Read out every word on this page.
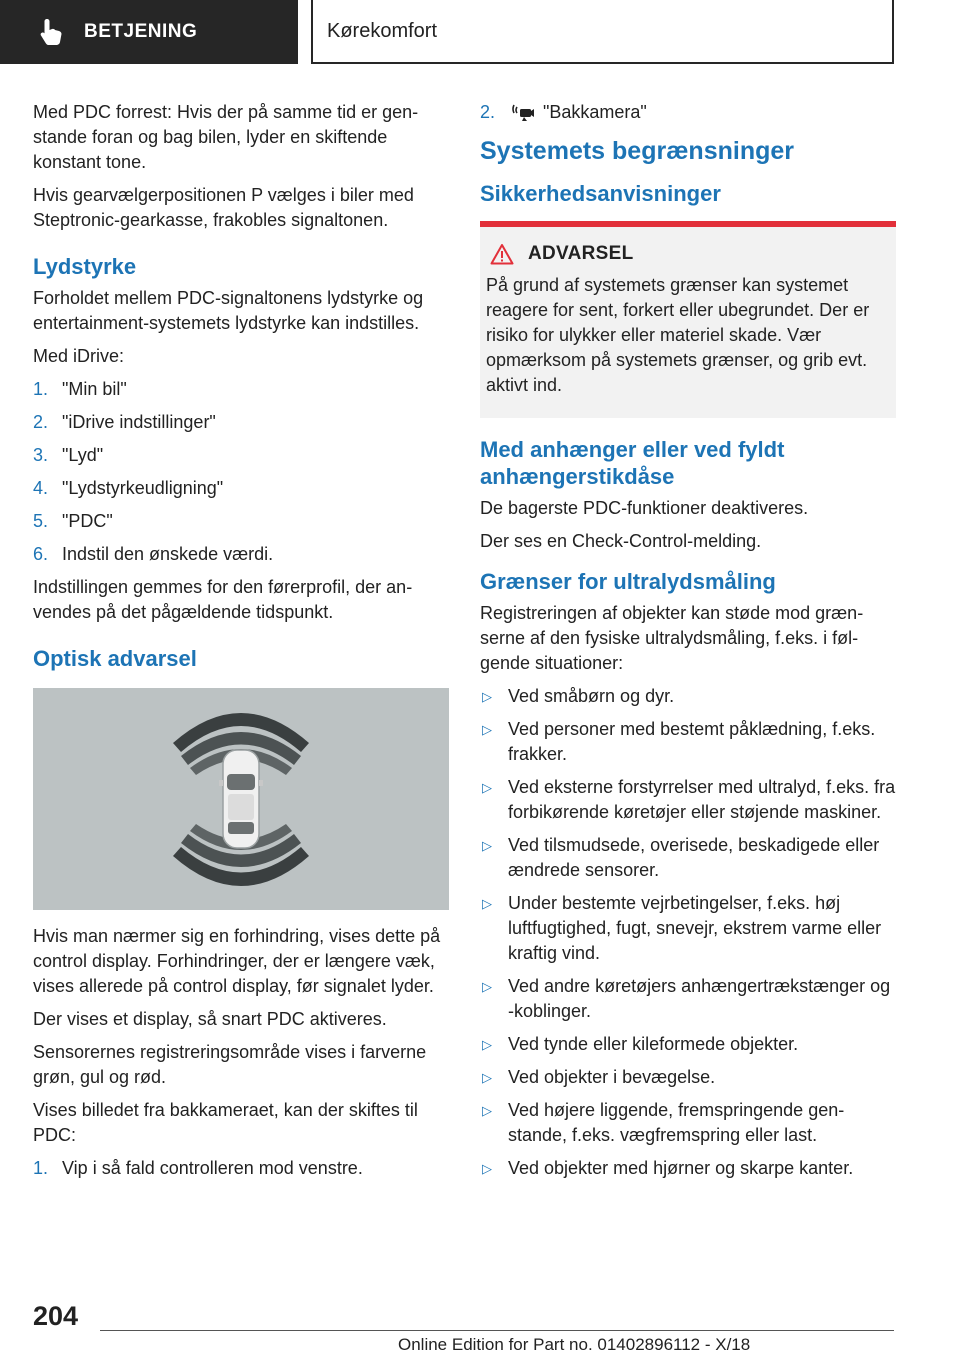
BETJENING	Kørekomfort

Med PDC forrest: Hvis der på samme tid er genstande foran og bag bilen, lyder en skiftende konstant tone.

Hvis gearvælgerpositionen P vælges i biler med Steptronic-gearkasse, frakobles signaltonen.

Lydstyrke

Forholdet mellem PDC-signaltonens lydstyrke og entertainment-systemets lydstyrke kan indstilles.

Med iDrive:

1. "Min bil"
2. "iDrive indstillinger"
3. "Lyd"
4. "Lydstyrkeudligning"
5. "PDC"
6. Indstil den ønskede værdi.

Indstillingen gemmes for den førerprofil, der anvendes på det pågældende tidspunkt.

Optisk advarsel

Hvis man nærmer sig en forhindring, vises dette på control display. Forhindringer, der er længere væk, vises allerede på control display, før signalet lyder.

Der vises et display, så snart PDC aktiveres.

Sensorernes registreringsområde vises i farverne grøn, gul og rød.

Vises billedet fra bakkameraet, kan der skiftes til PDC:

1. Vip i så fald controlleren mod venstre.
2.	"Bakkamera"
Systemets begrænsninger
Sikkerhedsanvisninger
ADVARSEL

På grund af systemets grænser kan systemet reagere for sent, forkert eller ubegrundet. Der er risiko for ulykker eller materiel skade. Vær opmærksom på systemets grænser, og grib evt. aktivt ind.

Med anhænger eller ved fyldt anhængerstikdåse

De bagerste PDC-funktioner deaktiveres.

Der ses en Check-Control-melding.

Grænser for ultralydsmåling

Registreringen af objekter kan støde mod grænserne af den fysiske ultralydsmåling, f.eks. i følgende situationer:

▷ Ved småbørn og dyr.
▷ Ved personer med bestemt påklædning, f.eks. frakker.
▷ Ved eksterne forstyrrelser med ultralyd, f.eks. fra forbikørende køretøjer eller støjende maskiner.
▷ Ved tilsmudsede, overisede, beskadigede eller ændrede sensorer.
▷ Under bestemte vejrbetingelser, f.eks. høj luftfugtighed, fugt, snevejr, ekstrem varme eller kraftig vind.
▷ Ved andre køretøjers anhængertrækstænger og -koblinger.
▷ Ved tynde eller kileformede objekter.
▷ Ved objekter i bevægelse.
▷ Ved højere liggende, fremspringende genstande, f.eks. vægfremspring eller last.
▷ Ved objekter med hjørner og skarpe kanter.
204
Online Edition for Part no. 01402896112 - X/18
